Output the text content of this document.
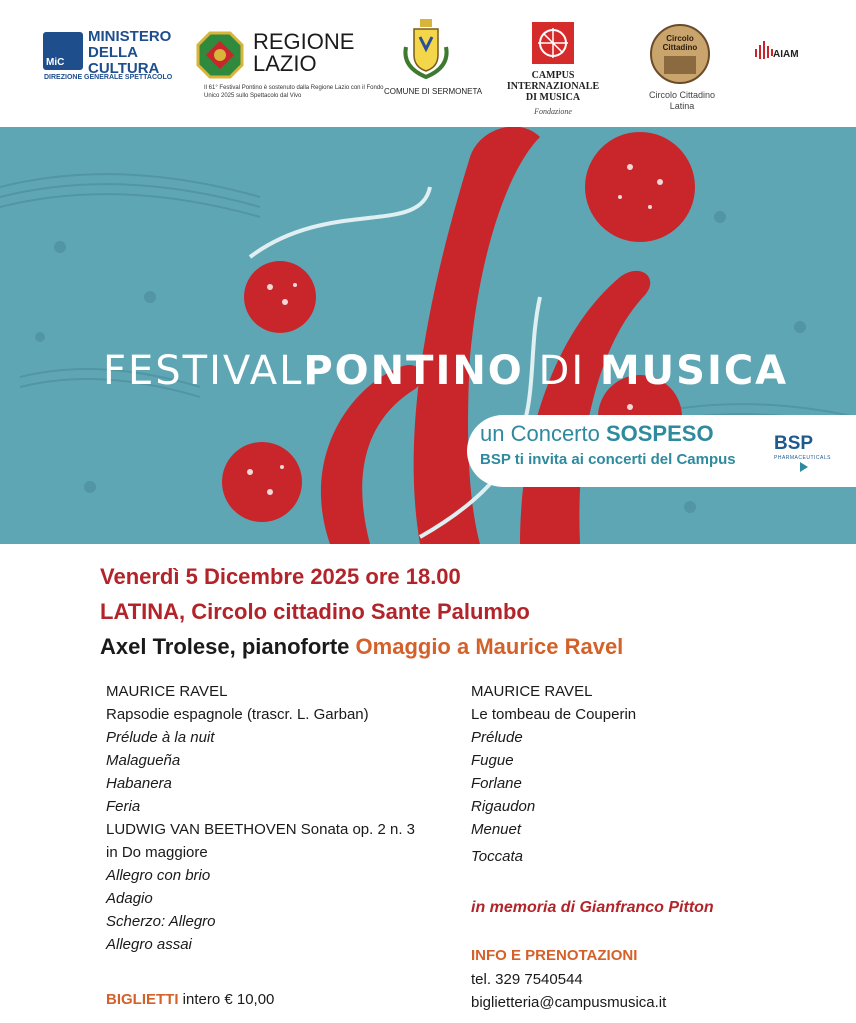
MiC
MINISTERO
DELLA
CULTURA
DIREZIONE GENERALE SPETTACOLO
REGIONE
LAZIO
Il 61° Festival Pontino è sostenuto dalla Regione Lazio con il Fondo Unico 2025 sullo Spettacolo dal Vivo	COMUNE DI SERMONETA
CAMPUS
INTERNAZIONALE
DI MUSICA
Fondazione
Circolo
Cittadino
Circolo Cittadino
Latina
AIAM
FESTIVALPONTINO DI MUSICA
un Concerto SOSPESO
BSP ti invita ai concerti del Campus
BSP
PHARMACEUTICALS
Venerdì 5 Dicembre 2025 ore 18.00
LATINA, Circolo cittadino Sante Palumbo
Axel Trolese, pianoforte Omaggio a Maurice Ravel
MAURICE RAVEL
Rapsodie espagnole (trascr. L. Garban)
Prélude à la nuit
Malagueña
Habanera
Feria
LUDWIG VAN BEETHOVEN Sonata op. 2 n. 3
in Do maggiore
Allegro con brio
Adagio
Scherzo: Allegro
Allegro assai
MAURICE RAVEL
Le tombeau de Couperin
Prélude
Fugue
Forlane
Rigaudon
Menuet
Toccata
in memoria di Gianfranco Pitton
INFO E PRENOTAZIONI
tel. 329 7540544
biglietteria@campusmusica.it
BIGLIETTI intero € 10,00
